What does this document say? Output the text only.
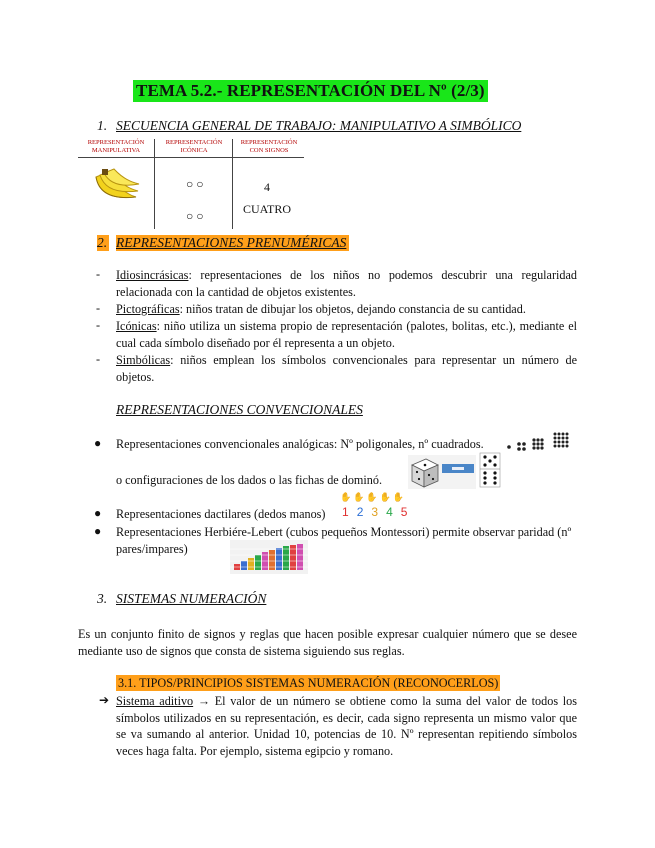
TEMA 5.2.- REPRESENTACIÓN DEL Nº (2/3)
1. SECUENCIA GENERAL DE TRABAJO: MANIPULATIVO A SIMBÓLICO
REPRESENTACIÓN
MANIPULATIVA
REPRESENTACIÓN
ICÓNICA
REPRESENTACIÓN
CON SIGNOS
○○
○○
4
CUATRO
2. REPRESENTACIONES PRENUMÉRICAS
- Idiosincrásicas: representaciones de los niños no podemos descubrir una regularidad relacionada con la cantidad de objetos existentes.
- Pictográficas: niños tratan de dibujar los objetos, dejando constancia de su cantidad.
- Icónicas: niño utiliza un sistema propio de representación (palotes, bolitas, etc.), mediante el cual cada símbolo diseñado por él representa a un objeto.
- Simbólicas: niños emplean los símbolos convencionales para representar un número de objetos.
REPRESENTACIONES CONVENCIONALES
● Representaciones convencionales analógicas: Nº poligonales, nº cuadrados.
o configuraciones de los dados o las fichas de dominó.
● Representaciones dactilares (dedos manos)
✋✋✋✋✋
12345
● Representaciones Herbiére-Lebert (cubos pequeños Montessori) permite observar paridad (nº pares/impares)
3. SISTEMAS NUMERACIÓN
Es un conjunto finito de signos y reglas que hacen posible expresar cualquier número que se desee mediante uso de signos que consta de sistema siguiendo sus reglas.
3.1. TIPOS/PRINCIPIOS SISTEMAS NUMERACIÓN (RECONOCERLOS)
➔ Sistema aditivo → El valor de un número se obtiene como la suma del valor de todos los símbolos utilizados en su representación, es decir, cada signo representa un mismo valor que se va sumando al anterior. Unidad 10, potencias de 10. Nº representan repitiendo símbolos veces haga falta. Por ejemplo, sistema egipcio y romano.
